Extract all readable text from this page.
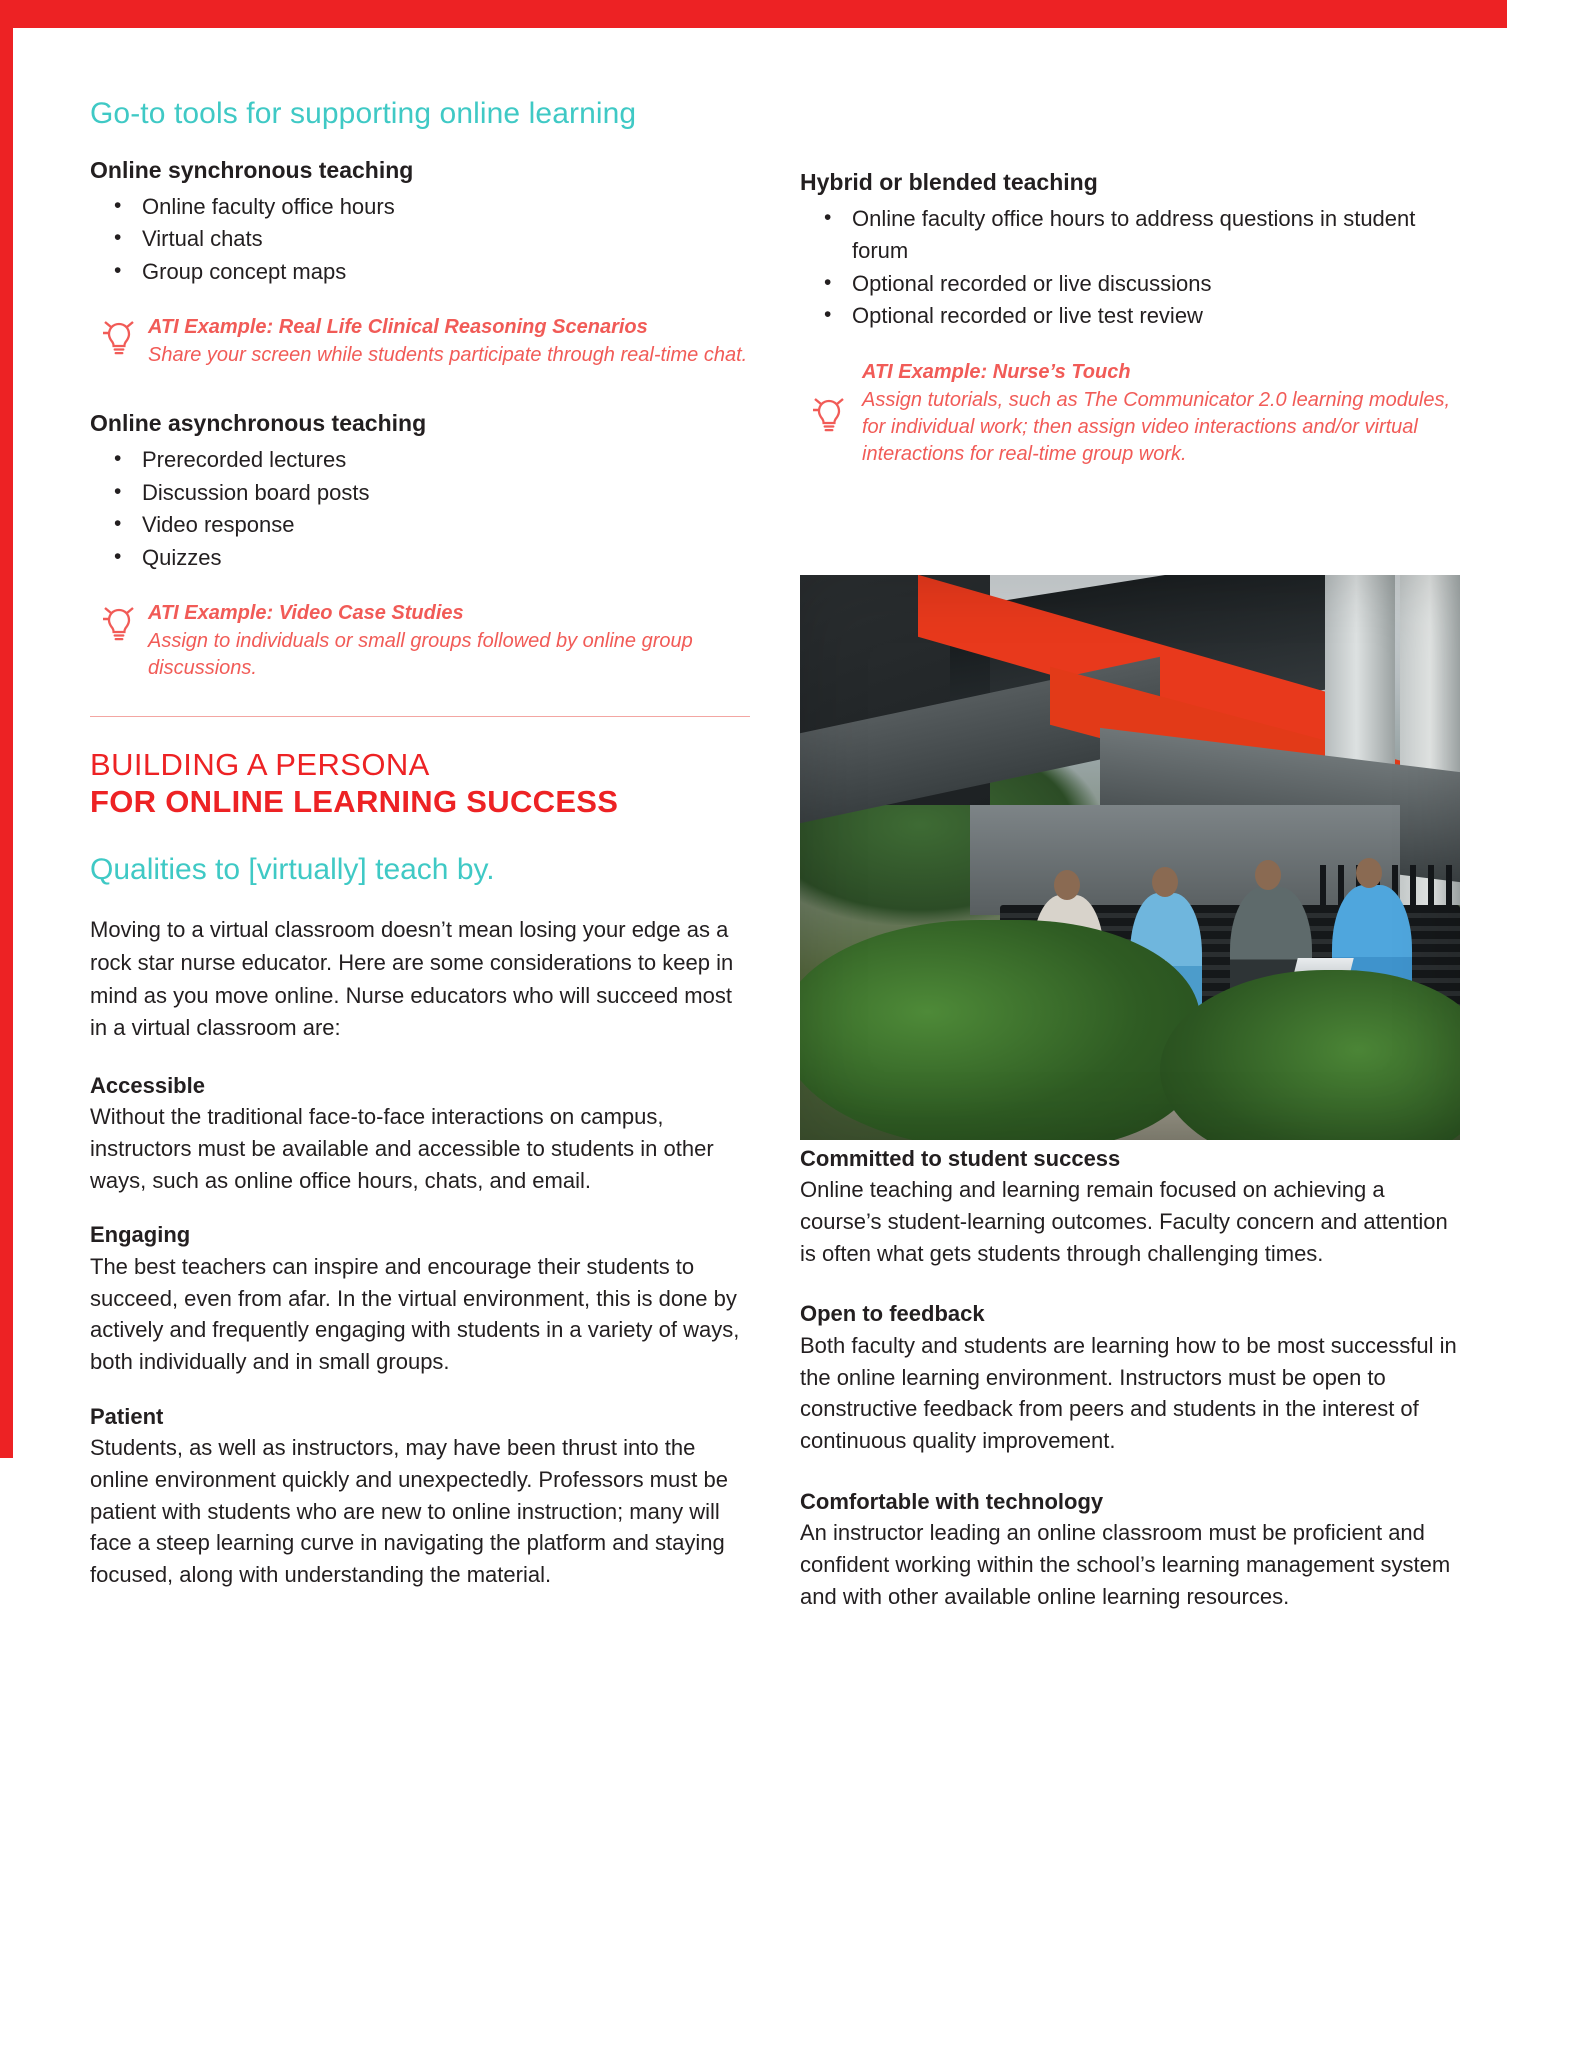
Go-to tools for supporting online learning
Online synchronous teaching
• Online faculty office hours
• Virtual chats
• Group concept maps

ATI Example: Real Life Clinical Reasoning Scenarios

Share your screen while students participate through real-time chat.

Online asynchronous teaching
• Prerecorded lectures
• Discussion board posts
• Video response
• Quizzes

ATI Example: Video Case Studies

Assign to individuals or small groups followed by online group discussions.

BUILDING A PERSONA

FOR ONLINE LEARNING SUCCESS

Qualities to [virtually] teach by.

Moving to a virtual classroom doesn’t mean losing your edge as a rock star nurse educator. Here are some considerations to keep in mind as you move online. Nurse educators who will succeed most in a virtual classroom are:

Accessible

Without the traditional face-to-face interactions on campus, instructors must be available and accessible to students in other ways, such as online office hours, chats, and email.

Engaging

The best teachers can inspire and encourage their students to succeed, even from afar. In the virtual environment, this is done by actively and frequently engaging with students in a variety of ways, both individually and in small groups.

Patient

Students, as well as instructors, may have been thrust into the online environment quickly and unexpectedly. Professors must be patient with students who are new to online instruction; many will face a steep learning curve in navigating the platform and staying focused, along with understanding the material.

Hybrid or blended teaching
• Online faculty office hours to address questions in student forum
• Optional recorded or live discussions
• Optional recorded or live test review

ATI Example: Nurse’s Touch

Assign tutorials, such as The Communicator 2.0 learning modules, for individual work; then assign video interactions and/or virtual interactions for real-time group work.

Committed to student success

Online teaching and learning remain focused on achieving a course’s student-learning outcomes. Faculty concern and attention is often what gets students through challenging times.

Open to feedback

Both faculty and students are learning how to be most successful in the online learning environment. Instructors must be open to constructive feedback from peers and students in the interest of continuous quality improvement.

Comfortable with technology

An instructor leading an online classroom must be proficient and confident working within the school’s learning management system and with other available online learning resources.
